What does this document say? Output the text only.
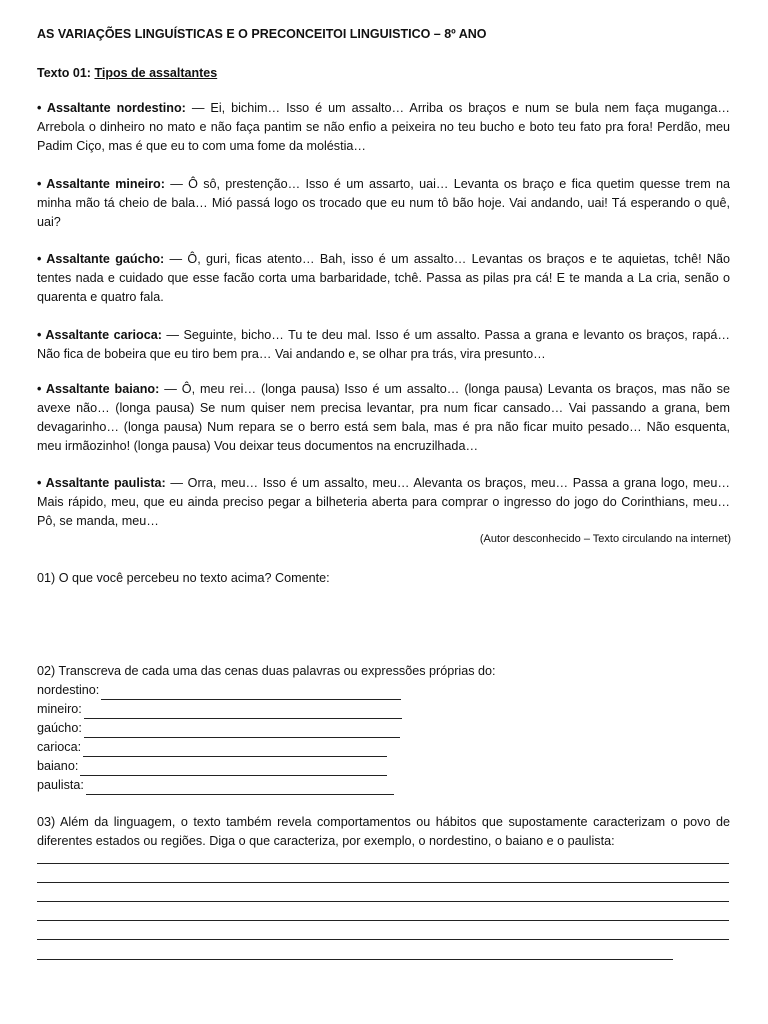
AS VARIAÇÕES LINGUÍSTICAS E O PRECONCEITOI LINGUISTICO – 8º ANO
Texto 01: Tipos de assaltantes
• Assaltante nordestino: — Ei, bichim… Isso é um assalto… Arriba os braços e num se bula nem faça muganga… Arrebola o dinheiro no mato e não faça pantim se não enfio a peixeira no teu bucho e boto teu fato pra fora! Perdão, meu Padim Ciço, mas é que eu to com uma fome da moléstia…
• Assaltante mineiro: — Ô sô, prestenção… Isso é um assarto, uai… Levanta os braço e fica quetim quesse trem na minha mão tá cheio de bala… Mió passá logo os trocado que eu num tô bão hoje. Vai andando, uai! Tá esperando o quê, uai?
• Assaltante gaúcho: — Ô, guri, ficas atento… Bah, isso é um assalto… Levantas os braços e te aquietas, tchê! Não tentes nada e cuidado que esse facão corta uma barbaridade, tchê. Passa as pilas pra cá! E te manda a La cria, senão o quarenta e quatro fala.
• Assaltante carioca: — Seguinte, bicho… Tu te deu mal. Isso é um assalto. Passa a grana e levanto os braços, rapá… Não fica de bobeira que eu tiro bem pra… Vai andando e, se olhar pra trás, vira presunto…
• Assaltante baiano: — Ô, meu rei… (longa pausa) Isso é um assalto… (longa pausa) Levanta os braços, mas não se avexe não… (longa pausa) Se num quiser nem precisa levantar, pra num ficar cansado… Vai passando a grana, bem devagarinho… (longa pausa) Num repara se o berro está sem bala, mas é pra não ficar muito pesado… Não esquenta, meu irmãozinho! (longa pausa) Vou deixar teus documentos na encruzilhada…
• Assaltante paulista: — Orra, meu… Isso é um assalto, meu… Alevanta os braços, meu… Passa a grana logo, meu… Mais rápido, meu, que eu ainda preciso pegar a bilheteria aberta para comprar o ingresso do jogo do Corinthians, meu… Pô, se manda, meu…
(Autor desconhecido – Texto circulando na internet)
01) O que você percebeu no texto acima? Comente:
02) Transcreva de cada uma das cenas duas palavras ou expressões próprias do:
nordestino:
mineiro:
gaúcho:
carioca:
baiano:
paulista:
03) Além da linguagem, o texto também revela comportamentos ou hábitos que supostamente caracterizam o povo de diferentes estados ou regiões. Diga o que caracteriza, por exemplo, o nordestino, o baiano e o paulista:
